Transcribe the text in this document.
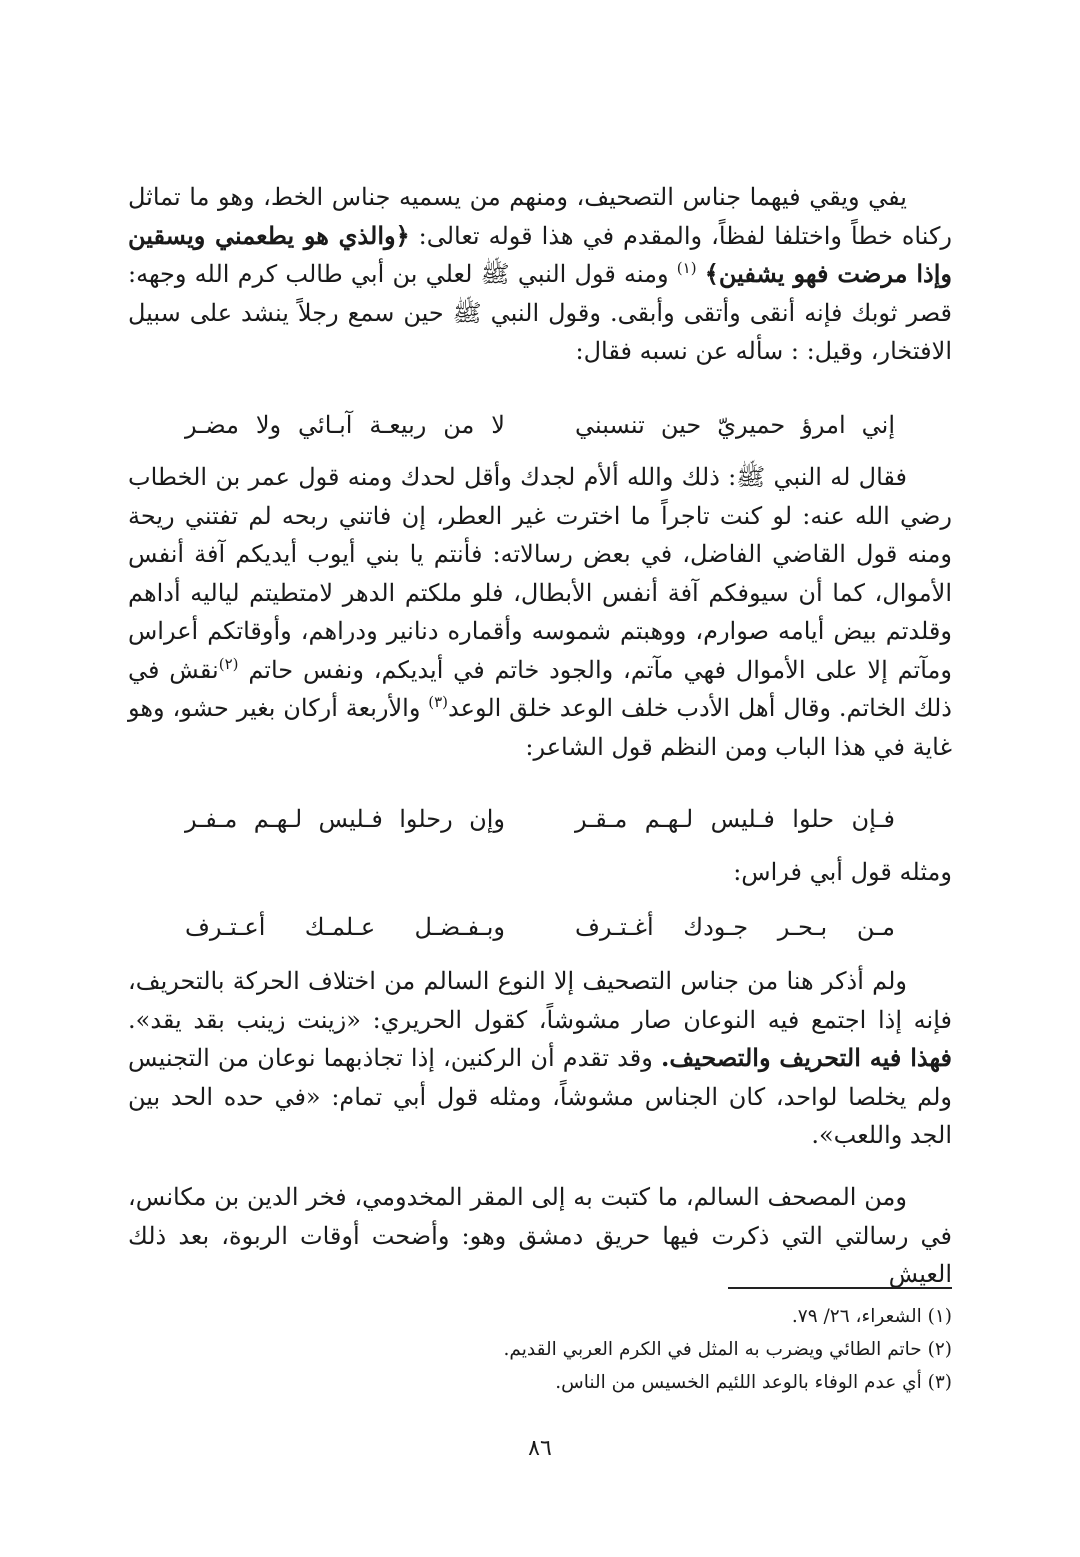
يفي ويقي فيهما جناس التصحيف، ومنهم من يسميه جناس الخط، وهو ما تماثل ركناه خطاً واختلفا لفظاً، والمقدم في هذا قوله تعالى: ﴿والذي هو يطعمني ويسقين وإذا مرضت فهو يشفين﴾ $^{(١)}$ ومنه قول النبي ﷺ لعلي بن أبي طالب كرم الله وجهه: قصر ثوبك فإنه أنقى وأتقى وأبقى. وقول النبي ﷺ حين سمع رجلاً ينشد على سبيل الافتخار، وقيل: : سأله عن نسبه فقال:

إني امرؤ حميريّ حين تنسبني
لا من ربيعـة آبـائي ولا مضـر

فقال له النبي ﷺ: ذلك والله ألأم لجدك وأقل لحدك ومنه قول عمر بن الخطاب رضي الله عنه: لو كنت تاجراً ما اخترت غير العطر، إن فاتني ربحه لم تفتني ريحة ومنه قول القاضي الفاضل، في بعض رسالاته: فأنتم يا بني أيوب أيديكم آفة أنفس الأموال، كما أن سيوفكم آفة أنفس الأبطال، فلو ملكتم الدهر لامتطيتم لياليه أداهم وقلدتم بيض أيامه صوارم، ووهبتم شموسه وأقماره دنانير ودراهم، وأوقاتكم أعراس ومآتم إلا على الأموال فهي مآتم، والجود خاتم في أيديكم، ونفس حاتم $^{(٢)}$نقش في ذلك الخاتم. وقال أهل الأدب خلف الوعد خلق الوعد$^{(٣)}$ والأربعة أركان بغير حشو، وهو غاية في هذا الباب ومن النظم قول الشاعر:

فـإن حلوا فـليس لـهـم مـقـر
وإن رحلوا فـليس لـهـم مـفـر

ومثله قول أبي فراس:

مـن بـحـر جـودك أغـتـرف
وبـفـضـل عـلمـك أعـتـرف

ولم أذكر هنا من جناس التصحيف إلا النوع السالم من اختلاف الحركة بالتحريف، فإنه إذا اجتمع فيه النوعان صار مشوشاً، كقول الحريري: «زينت زينب بقد يقد». فهذا فيه التحريف والتصحيف. وقد تقدم أن الركنين، إذا تجاذبهما نوعان من التجنيس ولم يخلصا لواحد، كان الجناس مشوشاً، ومثله قول أبي تمام: «في حده الحد بين الجد واللعب».

ومن المصحف السالم، ما كتبت به إلى المقر المخدومي، فخر الدين بن مكانس، في رسالتي التي ذكرت فيها حريق دمشق وهو: وأضحت أوقات الربوة، بعد ذلك العيش

(١) الشعراء، ٢٦/ ٧٩.
(٢) حاتم الطائي ويضرب به المثل في الكرم العربي القديم.
(٣) أي عدم الوفاء بالوعد اللئيم الخسيس من الناس.
٨٦
